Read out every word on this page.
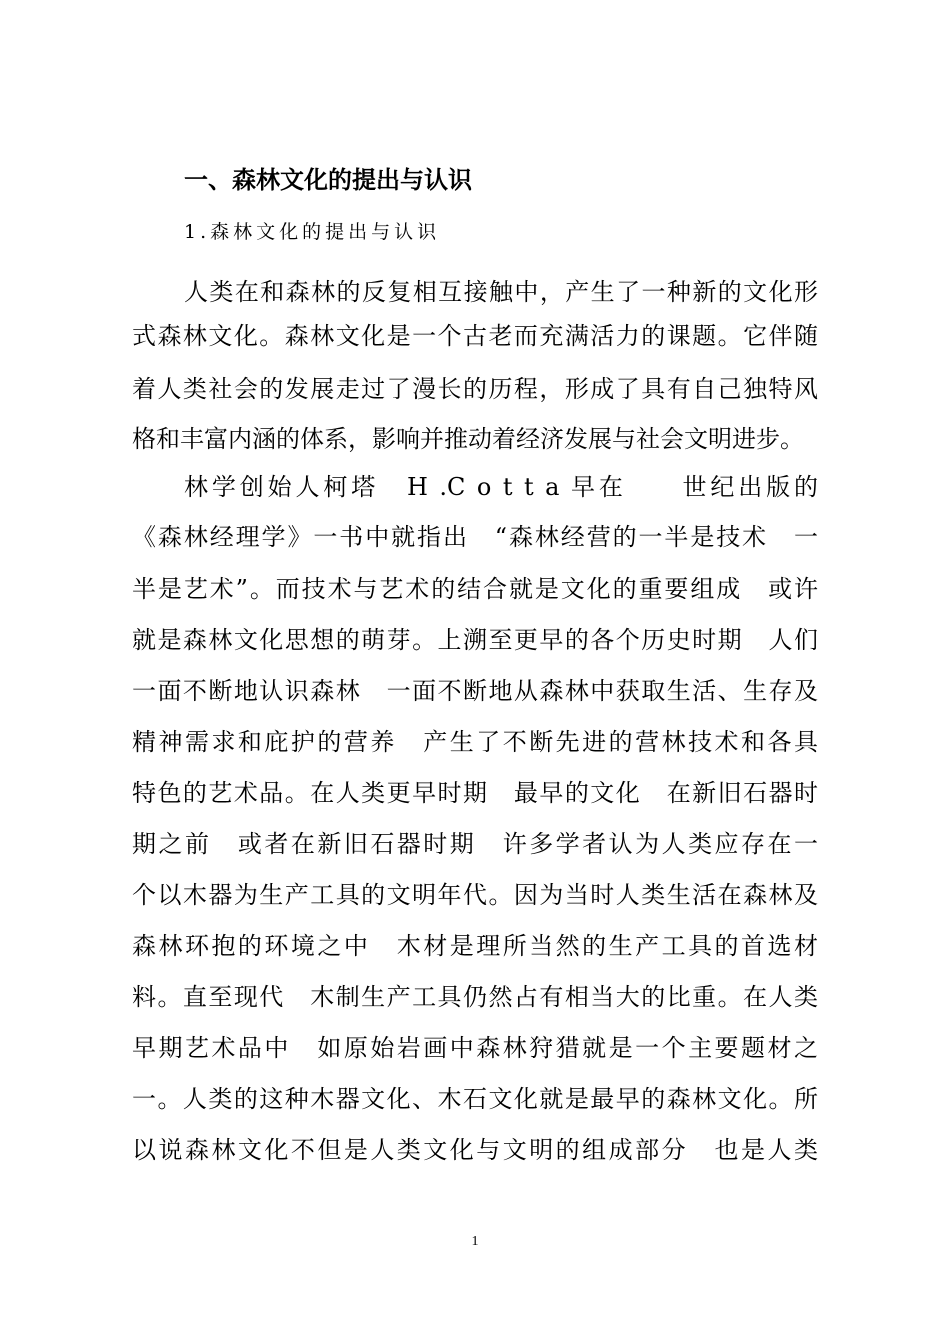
一、森林文化的提出与认识
1.森林文化的提出与认识
人类在和森林的反复相互接触中，产生了一种新的文化形
式森林文化。森林文化是一个古老而充满活力的课题。它伴随
着人类社会的发展走过了漫长的历程，形成了具有自己独特风
格和丰富内涵的体系，影响并推动着经济发展与社会文明进步。
林学创始人柯塔　H .C o t t a 早在　　世纪出版的
《森林经理学》一书中就指出　“森林经营的一半是技术　一
半是艺术”。而技术与艺术的结合就是文化的重要组成　或许
就是森林文化思想的萌芽。上溯至更早的各个历史时期　人们
一面不断地认识森林　一面不断地从森林中获取生活、生存及
精神需求和庇护的营养　产生了不断先进的营林技术和各具
特色的艺术品。在人类更早时期　最早的文化　在新旧石器时
期之前　或者在新旧石器时期　许多学者认为人类应存在一
个以木器为生产工具的文明年代。因为当时人类生活在森林及
森林环抱的环境之中　木材是理所当然的生产工具的首选材
料。直至现代　木制生产工具仍然占有相当大的比重。在人类
早期艺术品中　如原始岩画中森林狩猎就是一个主要题材之
一。人类的这种木器文化、木石文化就是最早的森林文化。所
以说森林文化不但是人类文化与文明的组成部分　也是人类
1
